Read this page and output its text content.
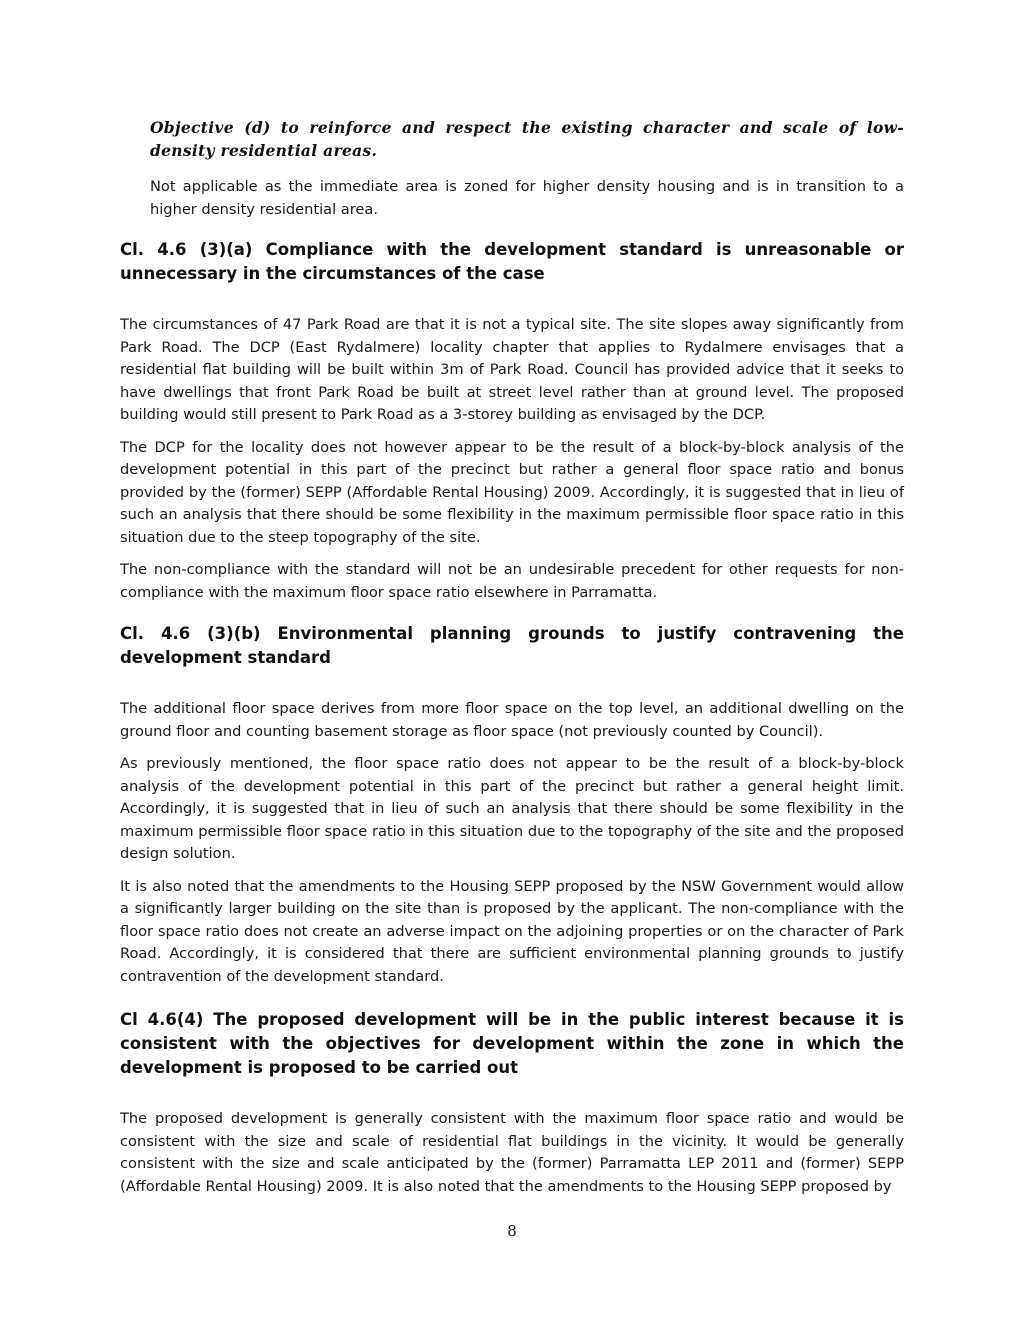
Objective (d) to reinforce and respect the existing character and scale of low-density residential areas.

Not applicable as the immediate area is zoned for higher density housing and is in transition to a higher density residential area.

Cl. 4.6 (3)(a) Compliance with the development standard is unreasonable or unnecessary in the circumstances of the case

The circumstances of 47 Park Road are that it is not a typical site. The site slopes away significantly from Park Road. The DCP (East Rydalmere) locality chapter that applies to Rydalmere envisages that a residential flat building will be built within 3m of Park Road. Council has provided advice that it seeks to have dwellings that front Park Road be built at street level rather than at ground level. The proposed building would still present to Park Road as a 3-storey building as envisaged by the DCP.

The DCP for the locality does not however appear to be the result of a block-by-block analysis of the development potential in this part of the precinct but rather a general floor space ratio and bonus provided by the (former) SEPP (Affordable Rental Housing) 2009. Accordingly, it is suggested that in lieu of such an analysis that there should be some flexibility in the maximum permissible floor space ratio in this situation due to the steep topography of the site.

The non-compliance with the standard will not be an undesirable precedent for other requests for non-compliance with the maximum floor space ratio elsewhere in Parramatta.

Cl. 4.6 (3)(b) Environmental planning grounds to justify contravening the development standard

The additional floor space derives from more floor space on the top level, an additional dwelling on the ground floor and counting basement storage as floor space (not previously counted by Council).

As previously mentioned, the floor space ratio does not appear to be the result of a block-by-block analysis of the development potential in this part of the precinct but rather a general height limit. Accordingly, it is suggested that in lieu of such an analysis that there should be some flexibility in the maximum permissible floor space ratio in this situation due to the topography of the site and the proposed design solution.

It is also noted that the amendments to the Housing SEPP proposed by the NSW Government would allow a significantly larger building on the site than is proposed by the applicant. The non-compliance with the floor space ratio does not create an adverse impact on the adjoining properties or on the character of Park Road. Accordingly, it is considered that there are sufficient environmental planning grounds to justify contravention of the development standard.

Cl 4.6(4) The proposed development will be in the public interest because it is consistent with the objectives for development within the zone in which the development is proposed to be carried out

The proposed development is generally consistent with the maximum floor space ratio and would be consistent with the size and scale of residential flat buildings in the vicinity. It would be generally consistent with the size and scale anticipated by the (former) Parramatta LEP 2011 and (former) SEPP (Affordable Rental Housing) 2009. It is also noted that the amendments to the Housing SEPP proposed by

8
